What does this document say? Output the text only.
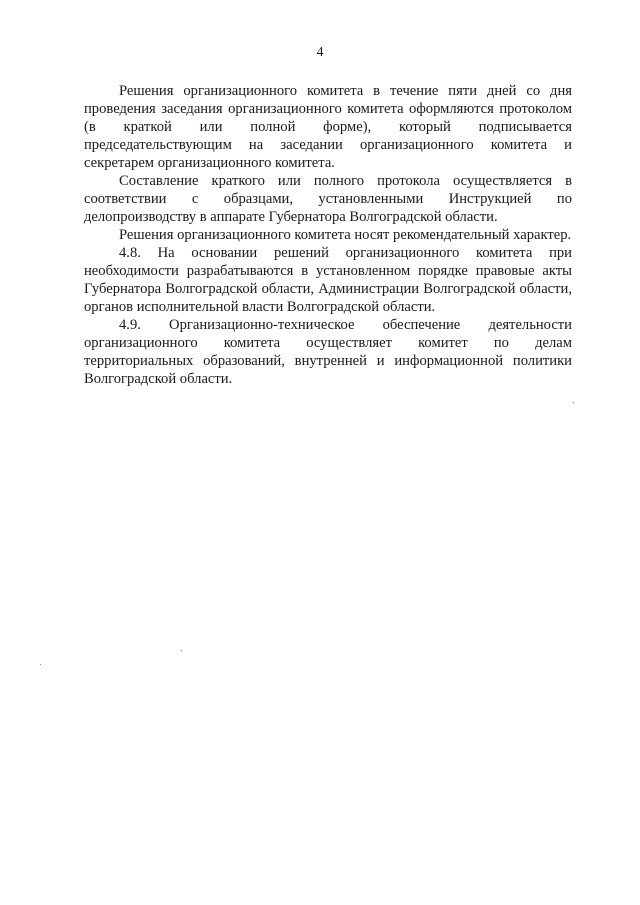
4

Решения организационного комитета в течение пяти дней со дня проведения заседания организационного комитета оформляются протоколом (в краткой или полной форме), который подписывается председательствующим на заседании организационного комитета и секретарем организационного комитета.

Составление краткого или полного протокола осуществляется в соответствии с образцами, установленными Инструкцией по делопроизводству в аппарате Губернатора Волгоградской области.

Решения организационного комитета носят рекомендательный характер.

4.8. На основании решений организационного комитета при необходимости разрабатываются в установленном порядке правовые акты Губернатора Волгоградской области, Администрации Волгоградской области, органов исполнительной власти Волгоградской области.

4.9. Организационно-техническое обеспечение деятельности организационного комитета осуществляет комитет по делам территориальных образований, внутренней и информационной политики Волгоградской области.
